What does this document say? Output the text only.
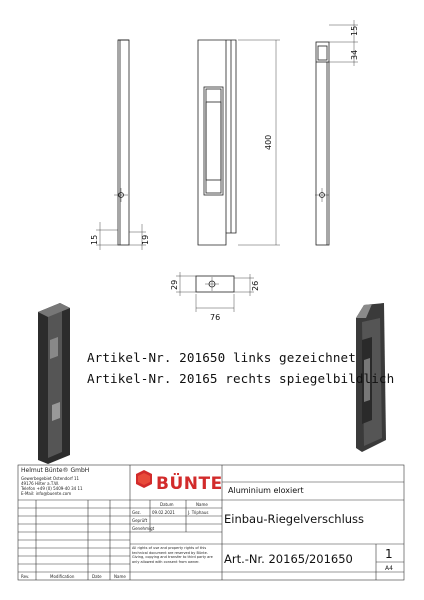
15
34
400
15	19
29	26
76
Artikel-Nr. 201650 links gezeichnet
Artikel-Nr. 20165 rechts spiegelbildlich
Helmut Bünte® GmbH
Gewerbegebiet Ostendorf 11
49176 Hilter a.T.W.
Telefon +49 (0) 5409-40 34 11
E-Mail: info@buente.com	BÜNTE Aluminium eloxiert
Datum	Name
Gez.	09.02.2021	J. Triphaus
Geprüft
Genehmigt
All rights of use and property rights of this technical document are reserved by Bünte. Giving, copying and transfer to third party are only allowed with consent from owner.
Einbau-Riegelverschluss
Art.-Nr. 20165/201650	1
A4
Rev.	Modification	Date	Name
